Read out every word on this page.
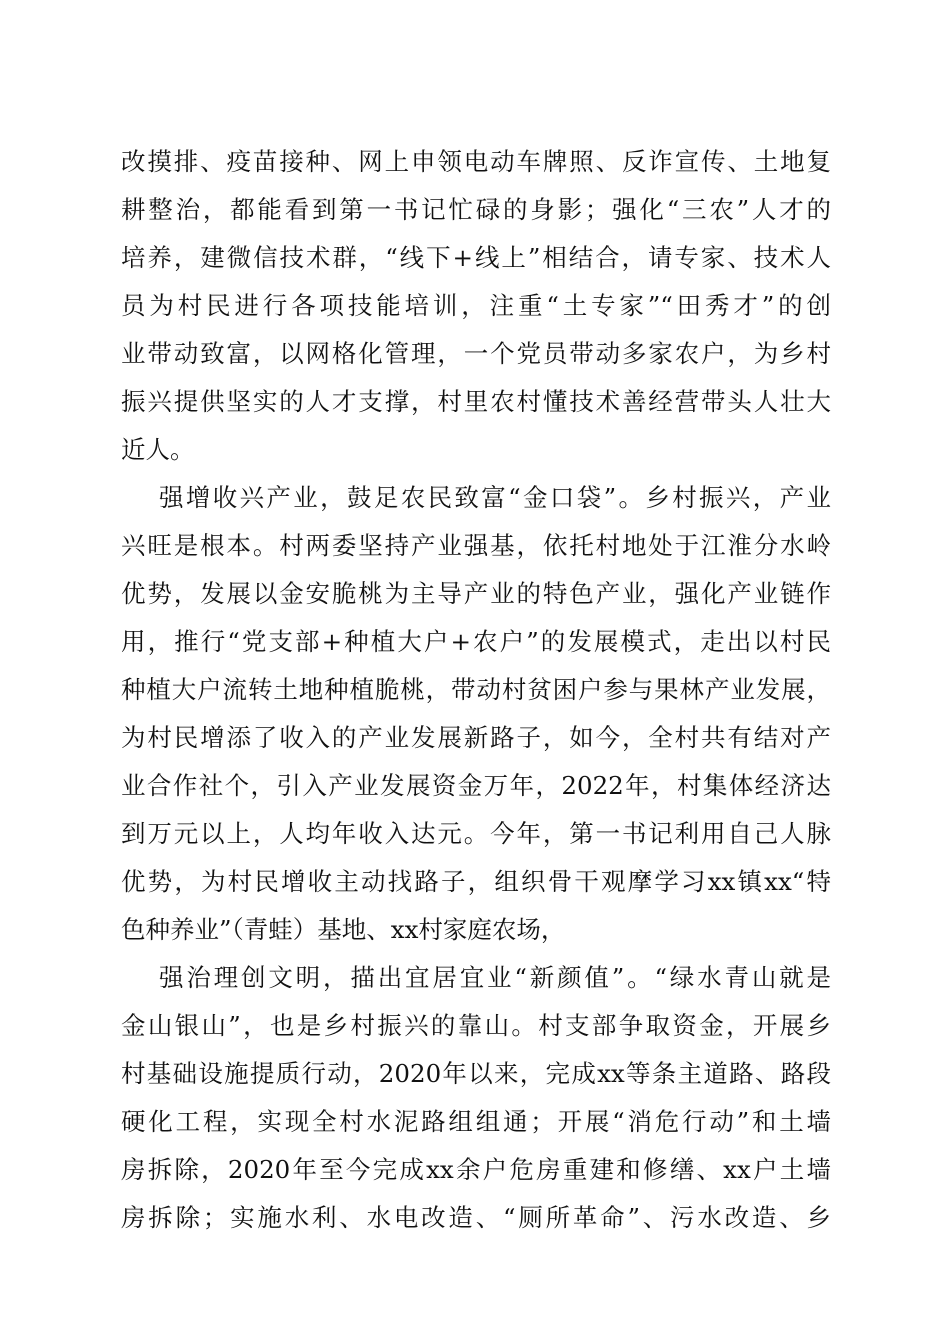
改摸排、疫苗接种、网上申领电动车牌照、反诈宣传、土地复
耕整治，都能看到第一书记忙碌的身影；强化“三农”人才的
培养，建微信技术群，“线下+线上”相结合，请专家、技术人
员为村民进行各项技能培训，注重“土专家”“田秀才”的创
业带动致富，以网格化管理，一个党员带动多家农户，为乡村
振兴提供坚实的人才支撑，村里农村懂技术善经营带头人壮大
近人。
强增收兴产业，鼓足农民致富“金口袋”。乡村振兴，产业
兴旺是根本。村两委坚持产业强基，依托村地处于江淮分水岭
优势，发展以金安脆桃为主导产业的特色产业，强化产业链作
用，推行“党支部+种植大户+农户”的发展模式，走出以村民
种植大户流转土地种植脆桃，带动村贫困户参与果林产业发展，
为村民增添了收入的产业发展新路子，如今，全村共有结对产
业合作社个，引入产业发展资金万年，2022年，村集体经济达
到万元以上，人均年收入达元。今年，第一书记利用自己人脉
优势，为村民增收主动找路子，组织骨干观摩学习xx镇xx“特
色种养业”（青蛙）基地、xx村家庭农场，
强治理创文明，描出宜居宜业“新颜值”。“绿水青山就是
金山银山”，也是乡村振兴的靠山。村支部争取资金，开展乡
村基础设施提质行动，2020年以来，完成xx等条主道路、路段
硬化工程，实现全村水泥路组组通；开展“消危行动”和土墙
房拆除，2020年至今完成xx余户危房重建和修缮、xx户土墙
房拆除；实施水利、水电改造、“厕所革命”、污水改造、乡
